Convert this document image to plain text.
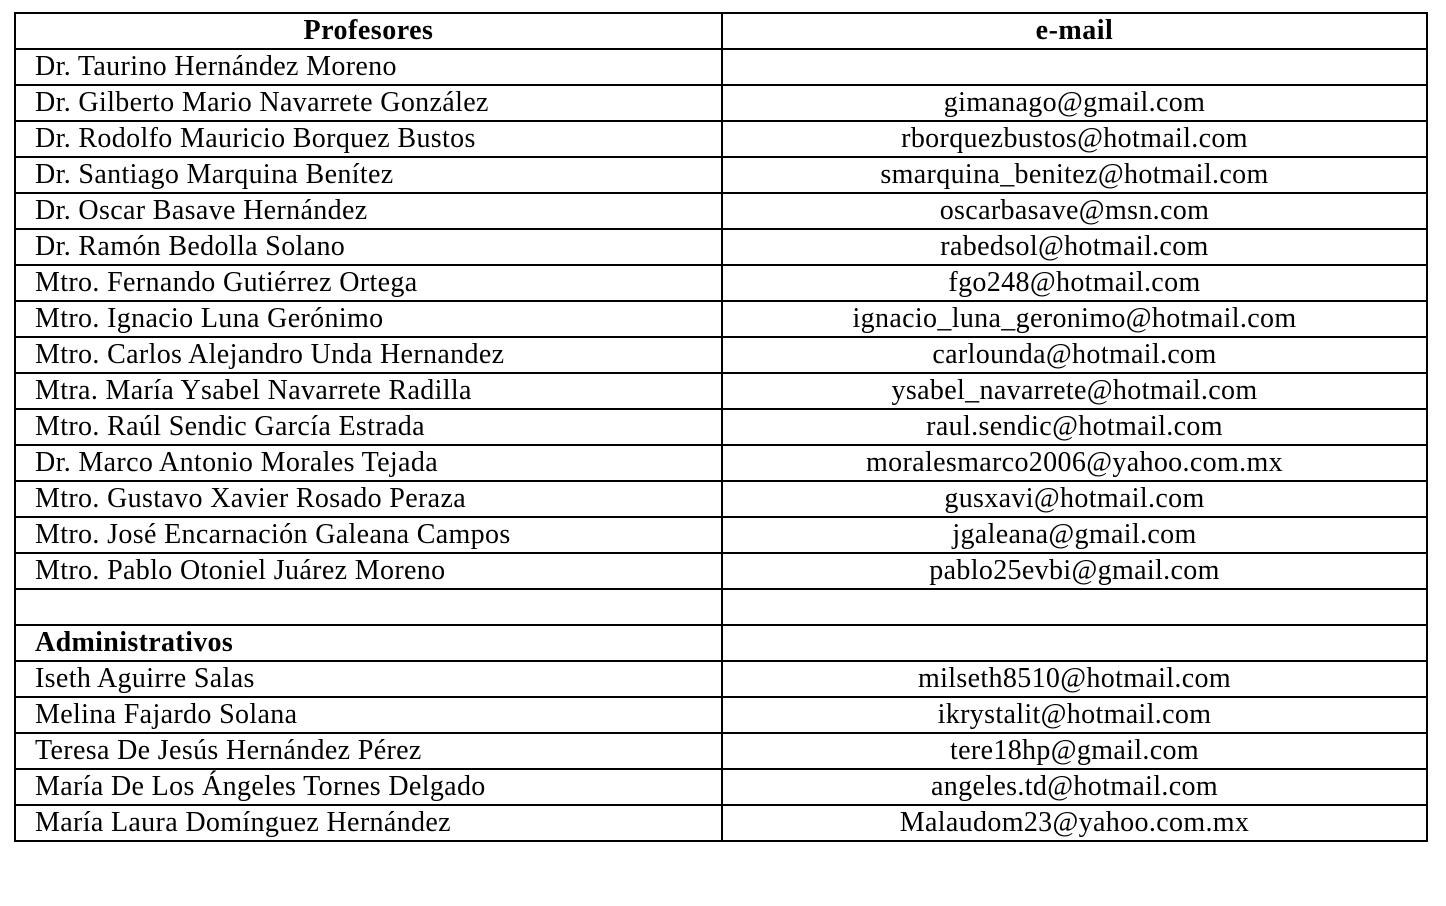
Profesores	e-mail
Dr. Taurino Hernández Moreno	
Dr. Gilberto Mario Navarrete González	gimanago@gmail.com
Dr. Rodolfo Mauricio Borquez Bustos	rborquezbustos@hotmail.com
Dr. Santiago Marquina Benítez	smarquina_benitez@hotmail.com
Dr. Oscar Basave Hernández	oscarbasave@msn.com
Dr. Ramón Bedolla Solano	rabedsol@hotmail.com
Mtro. Fernando Gutiérrez Ortega	fgo248@hotmail.com
Mtro. Ignacio Luna Gerónimo	ignacio_luna_geronimo@hotmail.com
Mtro. Carlos Alejandro Unda Hernandez	carlounda@hotmail.com
Mtra. María Ysabel Navarrete Radilla	ysabel_navarrete@hotmail.com
Mtro. Raúl Sendic García Estrada	raul.sendic@hotmail.com
Dr. Marco Antonio Morales Tejada	moralesmarco2006@yahoo.com.mx
Mtro. Gustavo Xavier Rosado Peraza	gusxavi@hotmail.com
Mtro. José Encarnación Galeana Campos	jgaleana@gmail.com
Mtro. Pablo Otoniel Juárez Moreno	pablo25evbi@gmail.com

Administrativos	
Iseth Aguirre Salas	milseth8510@hotmail.com
Melina Fajardo Solana	ikrystalit@hotmail.com
Teresa De Jesús Hernández Pérez	tere18hp@gmail.com
María De Los Ángeles Tornes Delgado	angeles.td@hotmail.com
María Laura Domínguez Hernández	Malaudom23@yahoo.com.mx
